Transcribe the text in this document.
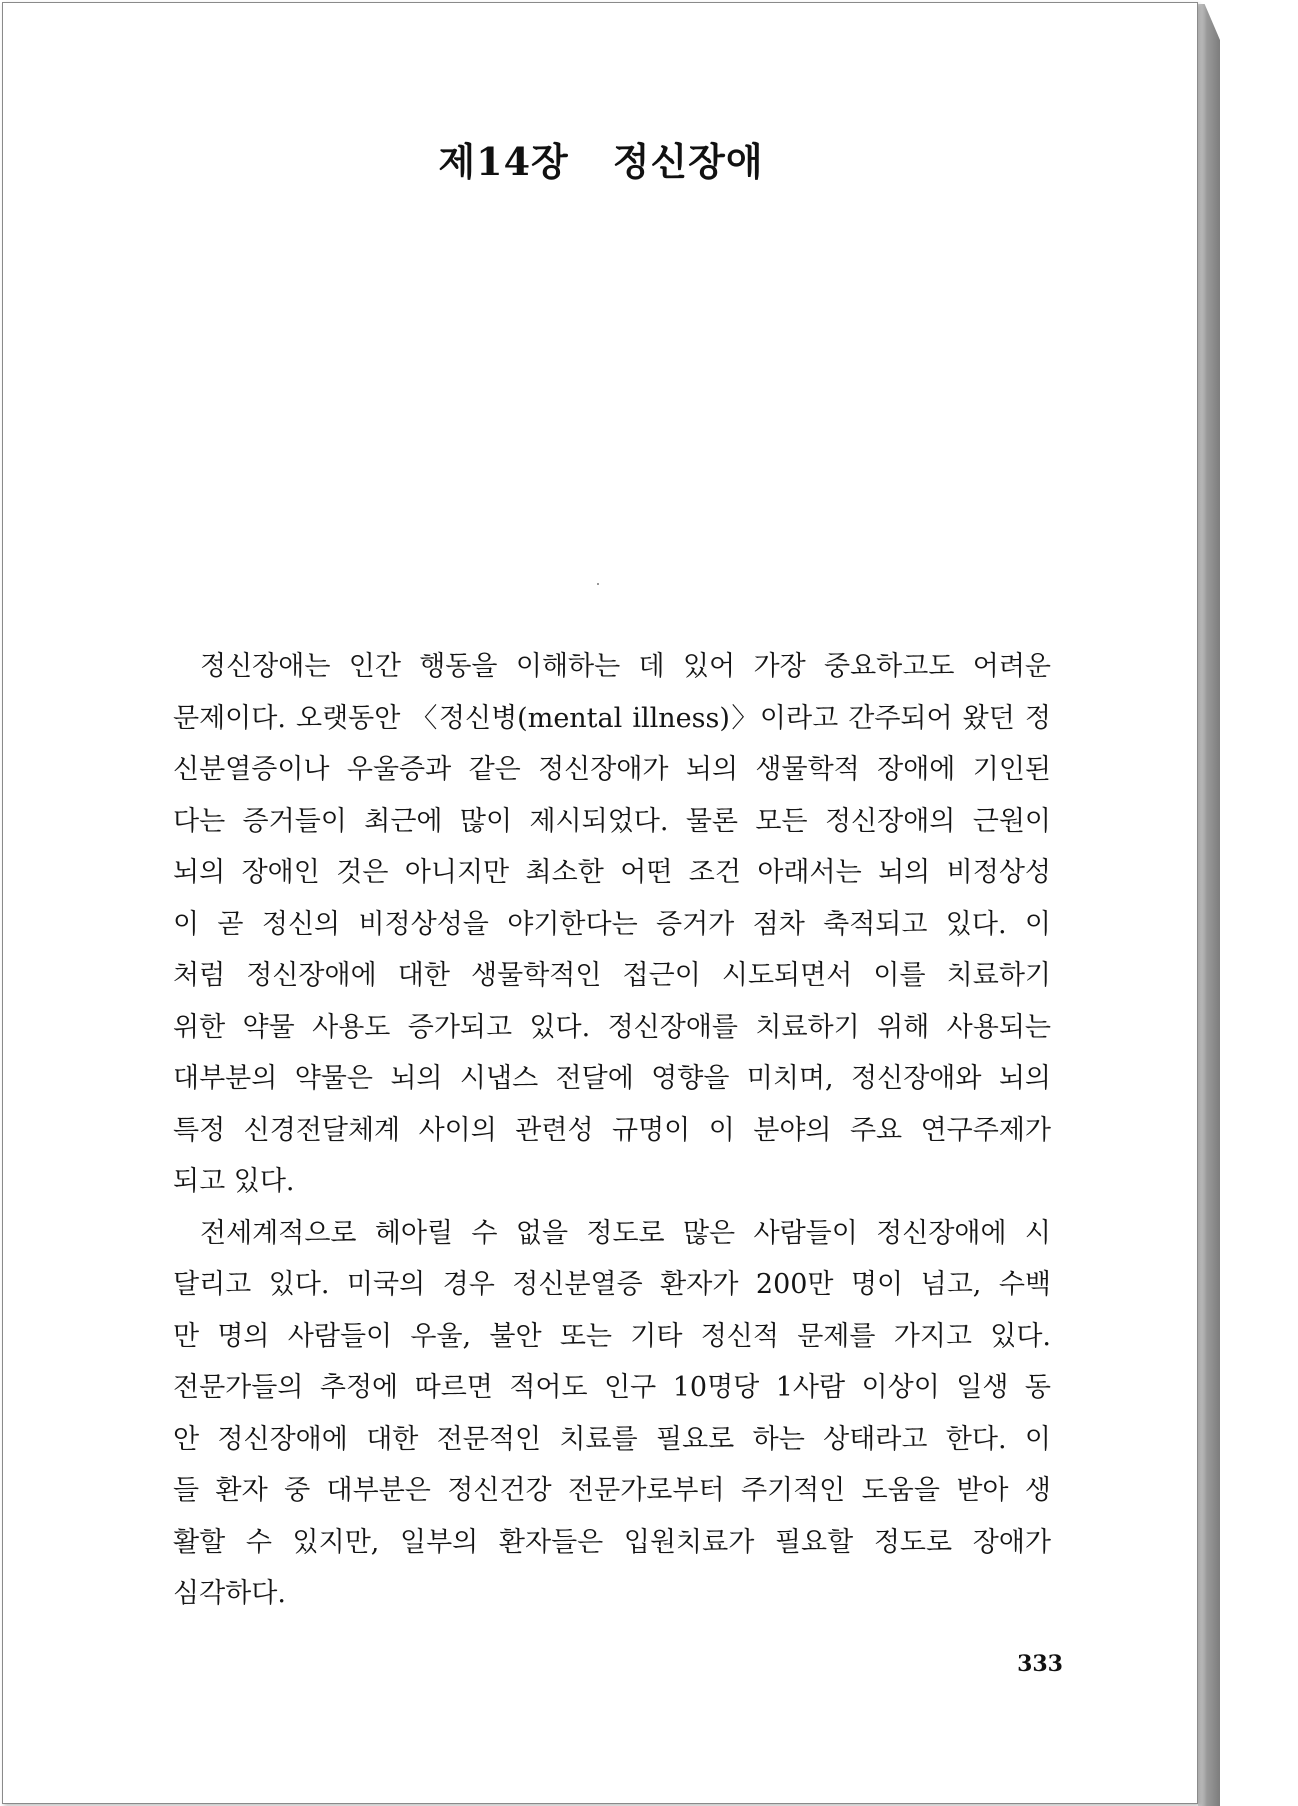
제14장 정신장애
정신장애는 인간 행동을 이해하는 데 있어 가장 중요하고도 어려운
문제이다. 오랫동안 〈정신병(mental illness)〉이라고 간주되어 왔던 정
신분열증이나 우울증과 같은 정신장애가 뇌의 생물학적 장애에 기인된
다는 증거들이 최근에 많이 제시되었다. 물론 모든 정신장애의 근원이
뇌의 장애인 것은 아니지만 최소한 어떤 조건 아래서는 뇌의 비정상성
이 곧 정신의 비정상성을 야기한다는 증거가 점차 축적되고 있다. 이
처럼 정신장애에 대한 생물학적인 접근이 시도되면서 이를 치료하기
위한 약물 사용도 증가되고 있다. 정신장애를 치료하기 위해 사용되는
대부분의 약물은 뇌의 시냅스 전달에 영향을 미치며, 정신장애와 뇌의
특정 신경전달체계 사이의 관련성 규명이 이 분야의 주요 연구주제가
되고 있다.
전세계적으로 헤아릴 수 없을 정도로 많은 사람들이 정신장애에 시
달리고 있다. 미국의 경우 정신분열증 환자가 200만 명이 넘고, 수백
만 명의 사람들이 우울, 불안 또는 기타 정신적 문제를 가지고 있다.
전문가들의 추정에 따르면 적어도 인구 10명당 1사람 이상이 일생 동
안 정신장애에 대한 전문적인 치료를 필요로 하는 상태라고 한다. 이
들 환자 중 대부분은 정신건강 전문가로부터 주기적인 도움을 받아 생
활할 수 있지만, 일부의 환자들은 입원치료가 필요할 정도로 장애가
심각하다.
333
